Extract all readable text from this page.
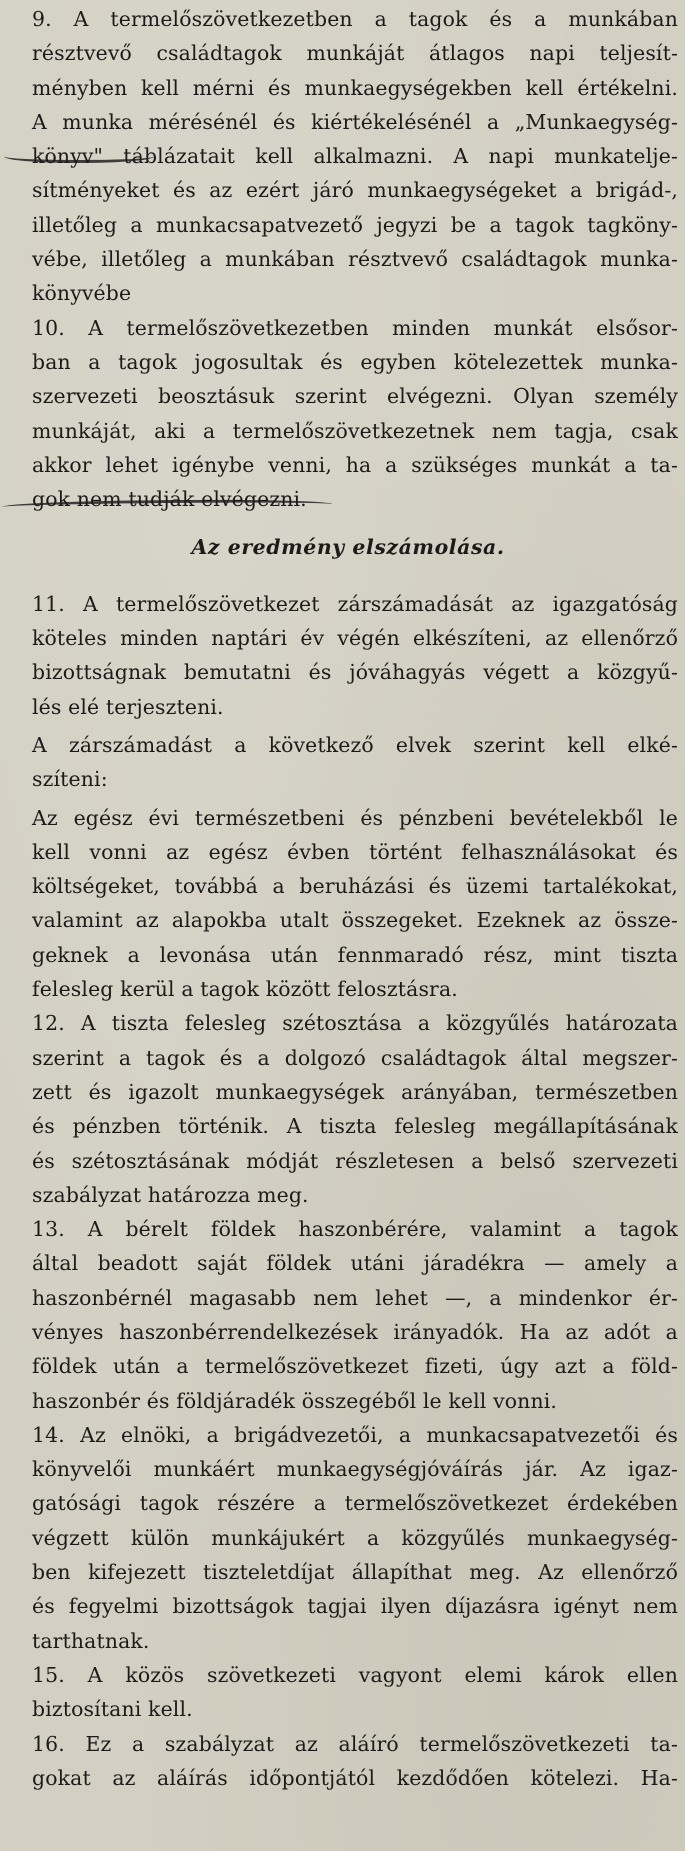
9. A termelőszövetkezetben a tagok és a munkában
résztvevő családtagok munkáját átlagos napi teljesít-
ményben kell mérni és munkaegységekben kell értékelni.
A munka mérésénél és kiértékelésénél a „Munkaegység-
könyv" táblázatait kell alkalmazni. A napi munkatelje-
sítményeket és az ezért járó munkaegységeket a brigád-,
illetőleg a munkacsapatvezető jegyzi be a tagok tagköny-
vébe, illetőleg a munkában résztvevő családtagok munka-
könyvébe
10. A termelőszövetkezetben minden munkát elsősor-
ban a tagok jogosultak és egyben kötelezettek munka-
szervezeti beosztásuk szerint elvégezni. Olyan személy
munkáját, aki a termelőszövetkezetnek nem tagja, csak
akkor lehet igénybe venni, ha a szükséges munkát a ta-
gok nem tudják elvégezni.
Az eredmény elszámolása.
11. A termelőszövetkezet zárszámadását az igazgatóság
köteles minden naptári év végén elkészíteni, az ellenőrző
bizottságnak bemutatni és jóváhagyás végett a közgyű-
lés elé terjeszteni.
A zárszámadást a következő elvek szerint kell elké-
szíteni:
Az egész évi természetbeni és pénzbeni bevételekből le
kell vonni az egész évben történt felhasználásokat és
költségeket, továbbá a beruházási és üzemi tartalékokat,
valamint az alapokba utalt összegeket. Ezeknek az össze-
geknek a levonása után fennmaradó rész, mint tiszta
felesleg kerül a tagok között felosztásra.
12. A tiszta felesleg szétosztása a közgyűlés határozata
szerint a tagok és a dolgozó családtagok által megszer-
zett és igazolt munkaegységek arányában, természetben
és pénzben történik. A tiszta felesleg megállapításának
és szétosztásának módját részletesen a belső szervezeti
szabályzat határozza meg.
13. A bérelt földek haszonbérére, valamint a tagok
által beadott saját földek utáni járadékra — amely a
haszonbérnél magasabb nem lehet —, a mindenkor ér-
vényes haszonbérrendelkezések irányadók. Ha az adót a
földek után a termelőszövetkezet fizeti, úgy azt a föld-
haszonbér és földjáradék összegéből le kell vonni.
14. Az elnöki, a brigádvezetői, a munkacsapatvezetői és
könyvelői munkáért munkaegységjóváírás jár. Az igaz-
gatósági tagok részére a termelőszövetkezet érdekében
végzett külön munkájukért a közgyűlés munkaegység-
ben kifejezett tiszteletdíjat állapíthat meg. Az ellenőrző
és fegyelmi bizottságok tagjai ilyen díjazásra igényt nem
tarthatnak.
15. A közös szövetkezeti vagyont elemi károk ellen
biztosítani kell.
16. Ez a szabályzat az aláíró termelőszövetkezeti ta-
gokat az aláírás időpontjától kezdődően kötelezi. Ha-
